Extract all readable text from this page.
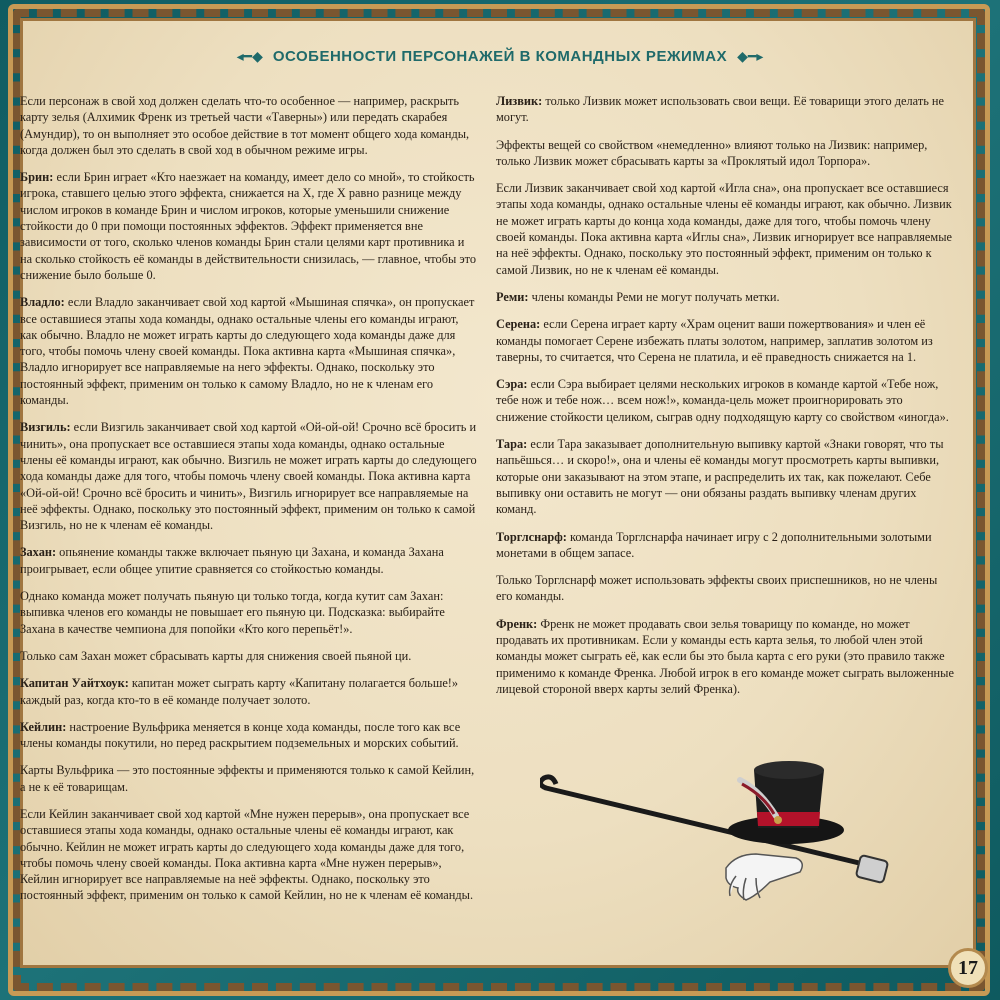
◂━◆ ОСОБЕННОСТИ ПЕРСОНАЖЕЙ В КОМАНДНЫХ РЕЖИМАХ ◆━▸

Если персонаж в свой ход должен сделать что-то особенное — например, раскрыть карту зелья (Алхимик Френк из третьей части «Таверны») или передать скарабея (Амундир), то он выполняет это особое действие в тот момент общего хода команды, когда должен был это сделать в свой ход в обычном режиме игры.

Брин: если Брин играет «Кто наезжает на команду, имеет дело со мной», то стойкость игрока, ставшего целью этого эффекта, снижается на X, где X равно разнице между числом игроков в команде Брин и числом игроков, которые уменьшили снижение стойкости до 0 при помощи постоянных эффектов. Эффект применяется вне зависимости от того, сколько членов команды Брин стали целями карт противника и на сколько стойкость её команды в действительности снизилась, — главное, чтобы это снижение было больше 0.

Владло: если Владло заканчивает свой ход картой «Мышиная спячка», он пропускает все оставшиеся этапы хода команды, однако остальные члены его команды играют, как обычно. Владло не может играть карты до следующего хода команды даже для того, чтобы помочь члену своей команды. Пока активна карта «Мышиная спячка», Владло игнорирует все направляемые на него эффекты. Однако, поскольку это постоянный эффект, применим он только к самому Владло, но не к членам его команды.

Визгиль: если Визгиль заканчивает свой ход картой «Ой-ой-ой! Срочно всё бросить и чинить», она пропускает все оставшиеся этапы хода команды, однако остальные члены её команды играют, как обычно. Визгиль не может играть карты до следующего хода команды даже для того, чтобы помочь члену своей команды. Пока активна карта «Ой-ой-ой! Срочно всё бросить и чинить», Визгиль игнорирует все направляемые на неё эффекты. Однако, поскольку это постоянный эффект, применим он только к самой Визгиль, но не к членам её команды.

Захан: опьянение команды также включает пьяную ци Захана, и команда Захана проигрывает, если общее упитие сравняется со стойкостью команды.

Однако команда может получать пьяную ци только тогда, когда кутит сам Захан: выпивка членов его команды не повышает его пьяную ци. Подсказка: выбирайте Захана в качестве чемпиона для попойки «Кто кого перепьёт!».

Только сам Захан может сбрасывать карты для снижения своей пьяной ци.

Капитан Уайтхоук: капитан может сыграть карту «Капитану полагается больше!» каждый раз, когда кто-то в её команде получает золото.

Кейлин: настроение Вульфрика меняется в конце хода команды, после того как все члены команды покутили, но перед раскрытием подземельных и морских событий.

Карты Вульфрика — это постоянные эффекты и применяются только к самой Кейлин, а не к её товарищам.

Если Кейлин заканчивает свой ход картой «Мне нужен перерыв», она пропускает все оставшиеся этапы хода команды, однако остальные члены её команды играют, как обычно. Кейлин не может играть карты до следующего хода команды даже для того, чтобы помочь члену своей команды. Пока активна карта «Мне нужен перерыв», Кейлин игнорирует все направляемые на неё эффекты. Однако, поскольку это постоянный эффект, применим он только к самой Кейлин, но не к членам её команды.

Лизвик: только Лизвик может использовать свои вещи. Её товарищи этого делать не могут.

Эффекты вещей со свойством «немедленно» влияют только на Лизвик: например, только Лизвик может сбрасывать карты за «Проклятый идол Торпора».

Если Лизвик заканчивает свой ход картой «Игла сна», она пропускает все оставшиеся этапы хода команды, однако остальные члены её команды играют, как обычно. Лизвик не может играть карты до конца хода команды, даже для того, чтобы помочь члену своей команды. Пока активна карта «Иглы сна», Лизвик игнорирует все направляемые на неё эффекты. Однако, поскольку это постоянный эффект, применим он только к самой Лизвик, но не к членам её команды.

Реми: члены команды Реми не могут получать метки.

Серена: если Серена играет карту «Храм оценит ваши пожертвования» и член её команды помогает Серене избежать платы золотом, например, заплатив золотом из таверны, то считается, что Серена не платила, и её праведность снижается на 1.

Сэра: если Сэра выбирает целями нескольких игроков в команде картой «Тебе нож, тебе нож и тебе нож… всем нож!», команда-цель может проигнорировать это снижение стойкости целиком, сыграв одну подходящую карту со свойством «иногда».

Тара: если Тара заказывает дополнительную выпивку картой «Знаки говорят, что ты напьёшься… и скоро!», она и члены её команды могут просмотреть карты выпивки, которые они заказывают на этом этапе, и распределить их так, как пожелают. Себе выпивку они оставить не могут — они обязаны раздать выпивку членам других команд.

Торглснарф: команда Торглснарфа начинает игру с 2 дополнительными золотыми монетами в общем запасе.

Только Торглснарф может использовать эффекты своих приспешников, но не члены его команды.

Френк: Френк не может продавать свои зелья товарищу по команде, но может продавать их противникам. Если у команды есть карта зелья, то любой член этой команды может сыграть её, как если бы это была карта с его руки (это правило также применимо к команде Френка. Любой игрок в его команде может сыграть выложенные лицевой стороной вверх карты зелий Френка).

17
